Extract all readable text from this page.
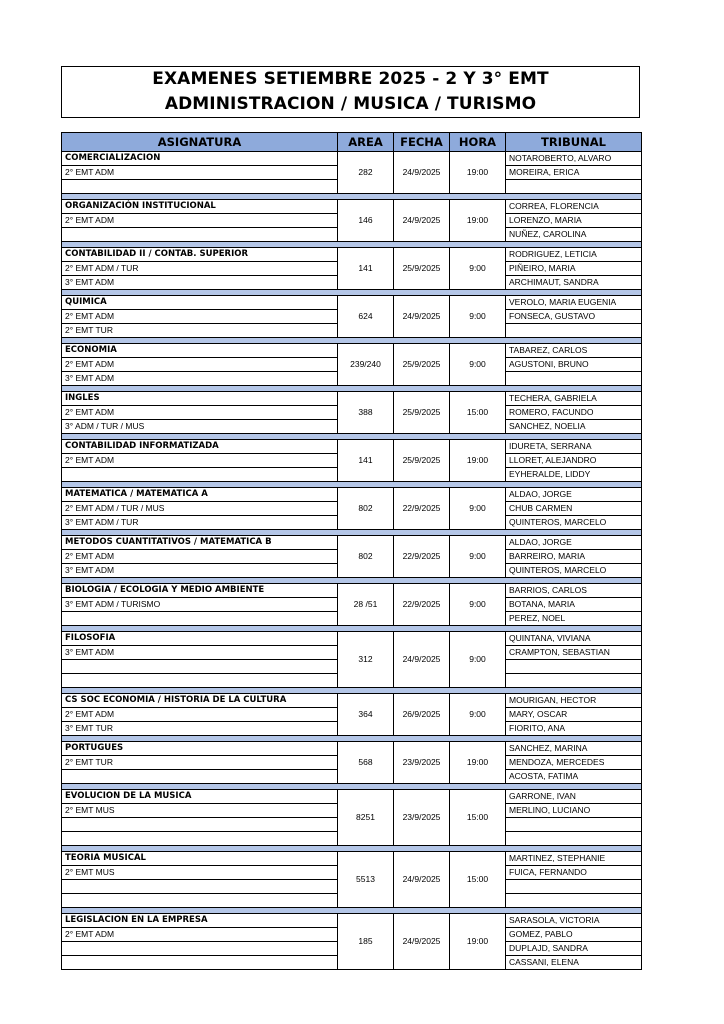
EXAMENES SETIEMBRE 2025 - 2 Y 3° EMT
ADMINISTRACION / MUSICA / TURISMO
ASIGNATURA	AREA	FECHA	HORA	TRIBUNAL
COMERCIALIZACION	282	24/9/2025	19:00	NOTAROBERTO, ALVARO
2° EMT ADM				MOREIRA, ERICA

ORGANIZACIÓN INSTITUCIONAL	146	24/9/2025	19:00	CORREA, FLORENCIA
2° EMT ADM				LORENZO, MARIA
				NUÑEZ, CAROLINA

CONTABILIDAD II / CONTAB. SUPERIOR	141	25/9/2025	9:00	RODRIGUEZ, LETICIA
2° EMT ADM / TUR				PIÑEIRO, MARIA
3° EMT ADM				ARCHIMAUT, SANDRA

QUIMICA	624	24/9/2025	9:00	VEROLO, MARIA EUGENIA
2° EMT ADM				FONSECA, GUSTAVO
2° EMT TUR				

ECONOMIA	239/240	25/9/2025	9:00	TABAREZ, CARLOS
2° EMT ADM				AGUSTONI, BRUNO
3° EMT ADM				

INGLES	388	25/9/2025	15:00	TECHERA, GABRIELA
2° EMT ADM				ROMERO, FACUNDO
3° ADM / TUR / MUS				SANCHEZ, NOELIA

CONTABILIDAD INFORMATIZADA	141	25/9/2025	19:00	IDURETA, SERRANA
2° EMT ADM				LLORET, ALEJANDRO
				EYHERALDE, LIDDY

MATEMATICA / MATEMATICA A	802	22/9/2025	9:00	ALDAO, JORGE
2° EMT ADM / TUR / MUS				CHUB CARMEN
3° EMT ADM / TUR				QUINTEROS, MARCELO

METODOS CUANTITATIVOS / MATEMATICA B	802	22/9/2025	9:00	ALDAO, JORGE
2° EMT ADM				BARREIRO, MARIA
3° EMT ADM				QUINTEROS, MARCELO

BIOLOGIA / ECOLOGIA Y MEDIO AMBIENTE	28 /51	22/9/2025	9:00	BARRIOS, CARLOS
3° EMT ADM / TURISMO				BOTANA, MARIA
				PEREZ, NOEL

FILOSOFIA	312	24/9/2025	9:00	QUINTANA, VIVIANA
3° EMT ADM				CRAMPTON, SEBASTIAN

CS SOC ECONOMIA / HISTORIA DE LA CULTURA	364	26/9/2025	9:00	MOURIGAN, HECTOR
2° EMT ADM				MARY, OSCAR
3° EMT TUR				FIORITO, ANA

PORTUGUES	568	23/9/2025	19:00	SANCHEZ, MARINA
2° EMT TUR				MENDOZA, MERCEDES
				ACOSTA, FATIMA

EVOLUCION DE LA MUSICA	8251	23/9/2025	15:00	GARRONE, IVAN
2° EMT MUS				MERLINO, LUCIANO

TEORIA MUSICAL	5513	24/9/2025	15:00	MARTINEZ, STEPHANIE
2° EMT MUS				FUICA, FERNANDO

LEGISLACION EN LA EMPRESA	185	24/9/2025	19:00	SARASOLA, VICTORIA
2° EMT ADM				GOMEZ, PABLO
				DUPLAJD, SANDRA
				CASSANI, ELENA
